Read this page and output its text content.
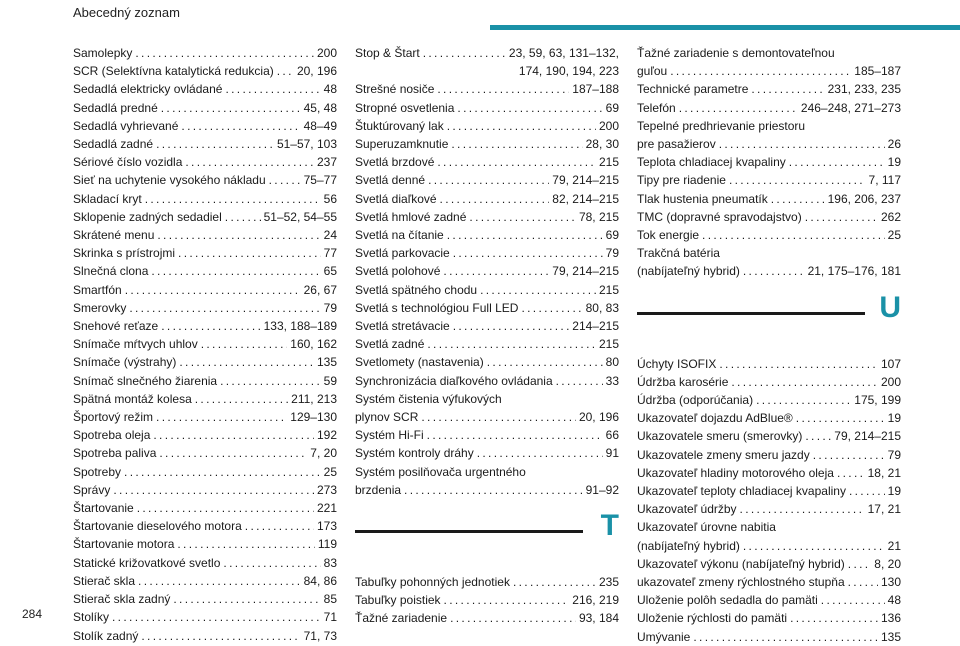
Abecedný zoznam
Samolepky . . .	200
SCR (Selektívna katalytická redukcia) . . . 20, 196
Sedadlá elektricky ovládané . . .	48
Sedadlá predné . . .	45, 48
Sedadlá vyhrievané . . .	48–49
Sedadlá zadné . . .	51–57, 103
Sériové číslo vozidla . . .	237
Sieť na uchytenie vysokého nákladu . . .	75–77
Skladací kryt . . .	56
Sklopenie zadných sedadiel . . .	51–52, 54–55
Skrátené menu . . .	24
Skrinka s prístrojmi . . .	77
Slnečná clona . . .	65
Smartfón . . .	26, 67
Smerovky . . .	79
Snehové reťaze . . .	133, 188–189
Snímače mŕtvych uhlov . . .	160, 162
Snímače (výstrahy) . . .	135
Snímač slnečného žiarenia . . .	59
Spätná montáž kolesa . . .	211, 213
Športový režim . . .	129–130
Spotreba oleja . . .	192
Spotreba paliva . . .	7, 20
Spotreby . . .	25
Správy . . .	273
Štartovanie . . .	221
Štartovanie dieselového motora . . .	173
Štartovanie motora . . .	119
Statické križovatkové svetlo . . .	83
Stierač skla . . .	84, 86
Stierač skla zadný . . .	85
Stolíky . . .	71
Stolík zadný . . .	71, 73
Stop & Štart . . .	23, 59, 63, 131–132,
174, 190, 194, 223
Strešné nosiče . . .	187–188
Stropné osvetlenia . . .	69
Štuktúrovaný lak . . .	200
Superuzamknutie . . .	28, 30
Svetlá brzdové . . .	215
Svetlá denné . . .	79, 214–215
Svetlá diaľkové . . .	82, 214–215
Svetlá hmlové zadné . . .	78, 215
Svetlá na čítanie . . .	69
Svetlá parkovacie . . .	79
Svetlá polohové . . .	79, 214–215
Svetlá spätného chodu . . .	215
Svetlá s technológiou Full LED . . .	80, 83
Svetlá stretávacie . . .	214–215
Svetlá zadné . . .	215
Svetlomety (nastavenia) . . .	80
Synchronizácia diaľkového ovládania . . .	33
Systém čistenia výfukových
plynov SCR . . .	20, 196
Systém Hi-Fi . . .	66
Systém kontroly dráhy . . .	91
Systém posilňovača urgentného
brzdenia . . .	91–92
T
Tabuľky pohonných jednotiek . . .	235
Tabuľky poistiek . . .	216, 219
Ťažné zariadenie . . .	93, 184
Ťažné zariadenie s demontovateľnou
guľou . . .	185–187
Technické parametre . . .	231, 233, 235
Telefón . . .	246–248, 271–273
Tepelné predhrievanie priestoru
pre pasažierov . . .	26
Teplota chladiacej kvapaliny . . .	19
Tipy pre riadenie . . .	7, 117
Tlak hustenia pneumatík . . .	196, 206, 237
TMC (dopravné spravodajstvo) . . .	262
Tok energie . . .	25
Trakčná batéria
(nabíjateľný hybrid) . . .	21, 175–176, 181
U
Úchyty ISOFIX . . .	107
Údržba karosérie . . .	200
Údržba (odporúčania) . . .	175, 199
Ukazovateľ dojazdu AdBlue® . . .	19
Ukazovatele smeru (smerovky) . . .	79, 214–215
Ukazovatele zmeny smeru jazdy . . .	79
Ukazovateľ hladiny motorového oleja . . .	18, 21
Ukazovateľ teploty chladiacej kvapaliny . . .	19
Ukazovateľ údržby . . .	17, 21
Ukazovateľ úrovne nabitia
(nabíjateľný hybrid) . . .	21
Ukazovateľ výkonu (nabíjateľný hybrid) . . . 8, 20
ukazovateľ zmeny rýchlostného stupňa . . .	130
Uloženie polôh sedadla do pamäti . . .	48
Uloženie rýchlosti do pamäti . . .	136
Umývanie . . .	135
284
